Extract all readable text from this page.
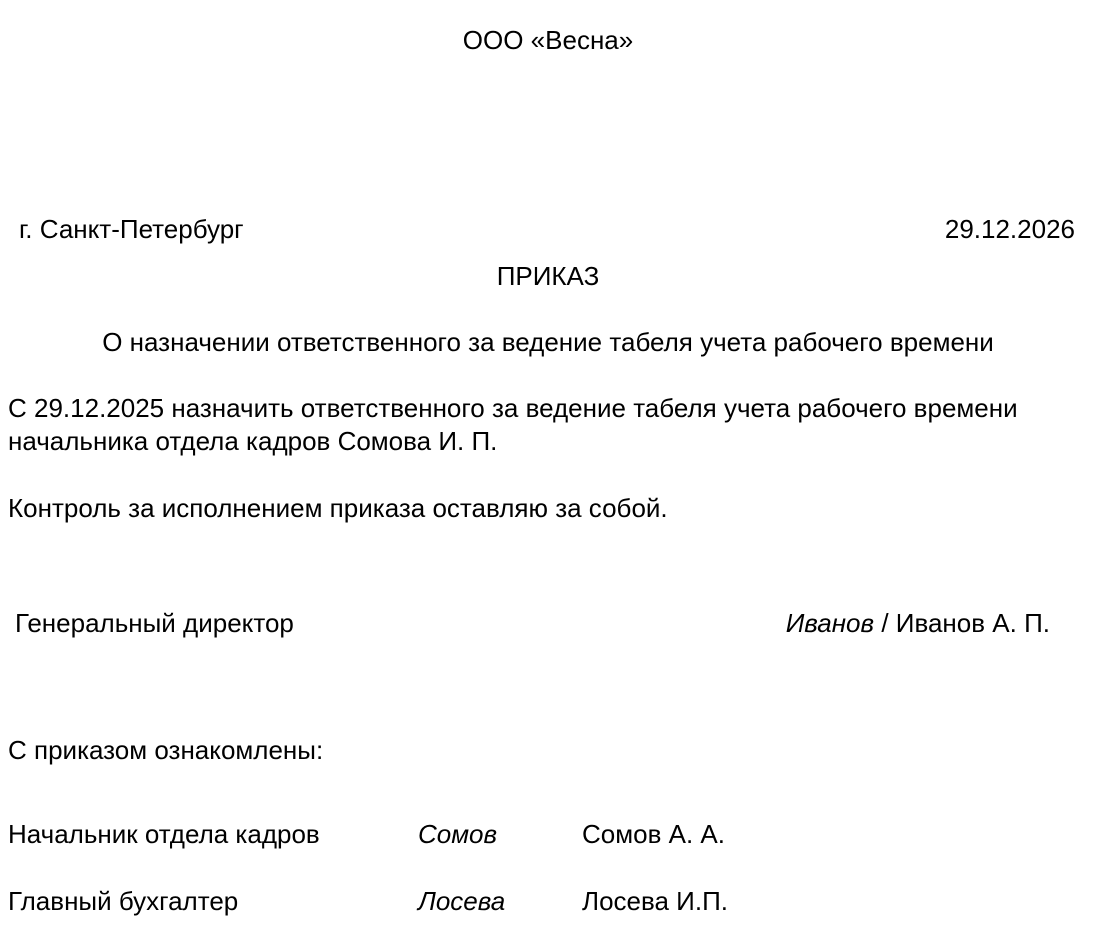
ООО «Весна»
г. Санкт-Петербург	29.12.2026
ПРИКАЗ
О назначении ответственного за ведение табеля учета рабочего времени
С 29.12.2025 назначить ответственного за ведение табеля учета рабочего времени начальника отдела кадров Сомова И. П.
Контроль за исполнением приказа оставляю за собой.
Генеральный директор	Иванов / Иванов А. П.
С приказом ознакомлены:
Начальник отдела кадров	Сомов	Сомов А. А.
Главный бухгалтер	Лосева	Лосева И.П.
